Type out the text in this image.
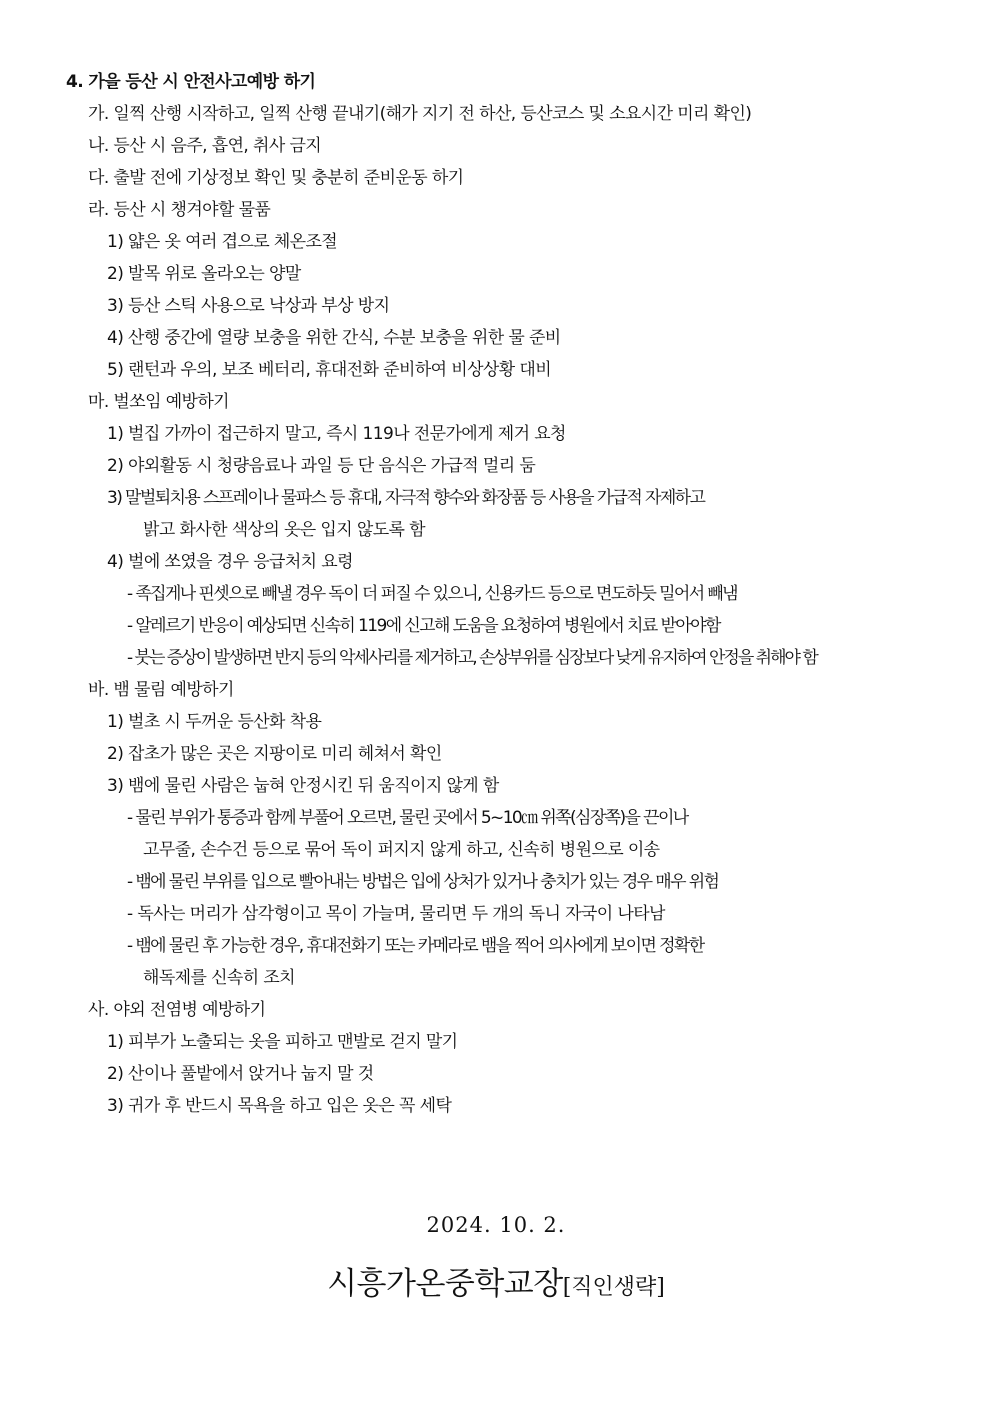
4. 가을 등산 시 안전사고예방 하기
가. 일찍 산행 시작하고, 일찍 산행 끝내기(해가 지기 전 하산, 등산코스 및 소요시간 미리 확인)
나. 등산 시 음주, 흡연, 취사 금지
다. 출발 전에 기상정보 확인 및 충분히 준비운동 하기
라. 등산 시 챙겨야할 물품
1) 얇은 옷 여러 겹으로 체온조절
2) 발목 위로 올라오는 양말
3) 등산 스틱 사용으로 낙상과 부상 방지
4) 산행 중간에 열량 보충을 위한 간식, 수분 보충을 위한 물 준비
5) 랜턴과 우의, 보조 베터리, 휴대전화 준비하여 비상상황 대비
마. 벌쏘임 예방하기
1) 벌집 가까이 접근하지 말고, 즉시 119나 전문가에게 제거 요청
2) 야외활동 시 청량음료나 과일 등 단 음식은 가급적 멀리 둠
3) 말벌퇴치용 스프레이나 물파스 등 휴대, 자극적 향수와 화장품 등 사용을 가급적 자제하고
밝고 화사한 색상의 옷은 입지 않도록 함
4) 벌에 쏘였을 경우 응급처치 요령
- 족집게나 핀셋으로 빼낼 경우 독이 더 퍼질 수 있으니, 신용카드 등으로 면도하듯 밀어서 빼냄
- 알레르기 반응이 예상되면 신속히 119에 신고해 도움을 요청하여 병원에서 치료 받아야함
- 붓는 증상이 발생하면 반지 등의 악세사리를 제거하고, 손상부위를 심장보다 낮게 유지하여 안정을 취해야 함
바. 뱀 물림 예방하기
1) 벌초 시 두꺼운 등산화 착용
2) 잡초가 많은 곳은 지팡이로 미리 헤쳐서 확인
3) 뱀에 물린 사람은 눕혀 안정시킨 뒤 움직이지 않게 함
- 물린 부위가 통증과 함께 부풀어 오르면, 물린 곳에서 5~10㎝ 위쪽(심장쪽)을 끈이나
고무줄, 손수건 등으로 묶어 독이 퍼지지 않게 하고, 신속히 병원으로 이송
- 뱀에 물린 부위를 입으로 빨아내는 방법은 입에 상처가 있거나 충치가 있는 경우 매우 위험
- 독사는 머리가 삼각형이고 목이 가늘며, 물리면 두 개의 독니 자국이 나타남
- 뱀에 물린 후 가능한 경우, 휴대전화기 또는 카메라로 뱀을 찍어 의사에게 보이면 정확한
해독제를 신속히 조치
사. 야외 전염병 예방하기
1) 피부가 노출되는 옷을 피하고 맨발로 걷지 말기
2) 산이나 풀밭에서 앉거나 눕지 말 것
3) 귀가 후 반드시 목욕을 하고 입은 옷은 꼭 세탁
2024. 10. 2.
시흥가온중학교장[직인생략]
